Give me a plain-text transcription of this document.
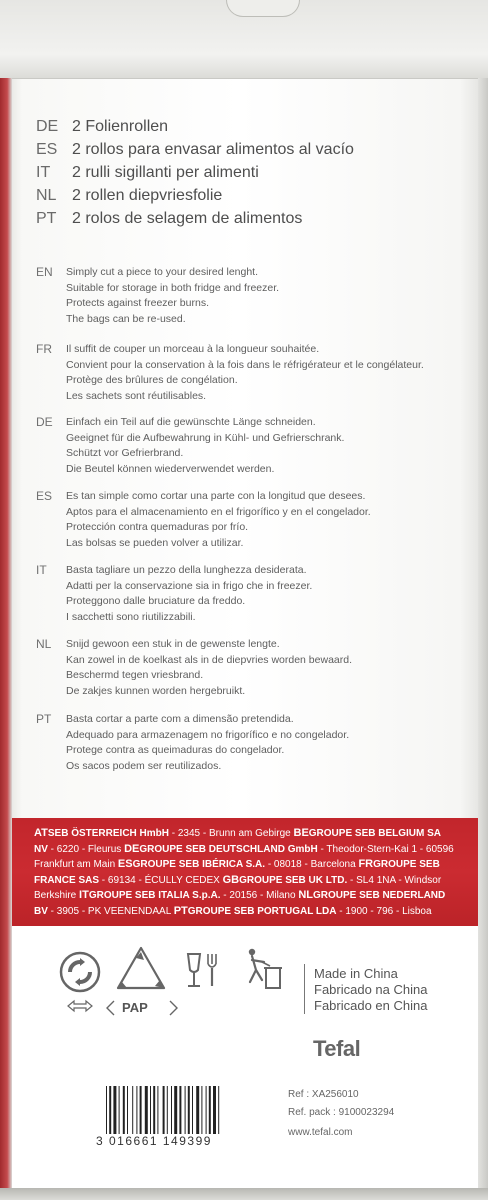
DE 2 Folienrollen
ES 2 rollos para envasar alimentos al vacío
IT	2 rulli sigillanti per alimenti
NL 2 rollen diepvriesfolie
PT 2 rolos de selagem de alimentos
EN Simply cut a piece to your desired lenght.
Suitable for storage in both fridge and freezer.
Protects against freezer burns.
The bags can be re-used.
FR Il suffit de couper un morceau à la longueur souhaitée.
Convient pour la conservation à la fois dans le réfrigérateur et le congélateur.
Protège des brûlures de congélation.
Les sachets sont réutilisables.
DE Einfach ein Teil auf die gewünschte Länge schneiden.
Geeignet für die Aufbewahrung in Kühl- und Gefrierschrank.
Schützt vor Gefrierbrand.
Die Beutel können wiederverwendet werden.
ES Es tan simple como cortar una parte con la longitud que desees.
Aptos para el almacenamiento en el frigorífico y en el congelador.
Protección contra quemaduras por frío.
Las bolsas se pueden volver a utilizar.
IT Basta tagliare un pezzo della lunghezza desiderata.
Adatti per la conservazione sia in frigo che in freezer.
Proteggono dalle bruciature da freddo.
I sacchetti sono riutilizzabili.
NL Snijd gewoon een stuk in de gewenste lengte.
Kan zowel in de koelkast als in de diepvries worden bewaard.
Beschermd tegen vriesbrand.
De zakjes kunnen worden hergebruikt.
PT Basta cortar a parte com a dimensão pretendida.
Adequado para armazenagem no frigorífico e no congelador.
Protege contra as queimaduras do congelador.
Os sacos podem ser reutilizados.
ATSEB ÖSTERREICH HmbH - 2345 - Brunn am Gebirge BEGROUPE SEB BELGIUM SA NV - 6220 - Fleurus DEGROUPE SEB DEUTSCHLAND GmbH - Theodor-Stern-Kai 1 - 60596 Frankfurt am Main ESGROUPE SEB IBÉRICA S.A. - 08018 - Barcelona FRGROUPE SEB FRANCE SAS - 69134 - ÉCULLY CEDEX GBGROUPE SEB UK LTD. - SL4 1NA - Windsor Berkshire ITGROUPE SEB ITALIA S.p.A. - 20156 - Milano NLGROUPE SEB NEDERLAND BV - 3905 - PK VEENENDAAL PTGROUPE SEB PORTUGAL LDA - 1900 - 796 - Lisboa
PAP
Made in China
Fabricado na China
Fabricado en China
Tefal
Ref : XA256010
Ref. pack : 9100023294
www.tefal.com
3 016661 149399
